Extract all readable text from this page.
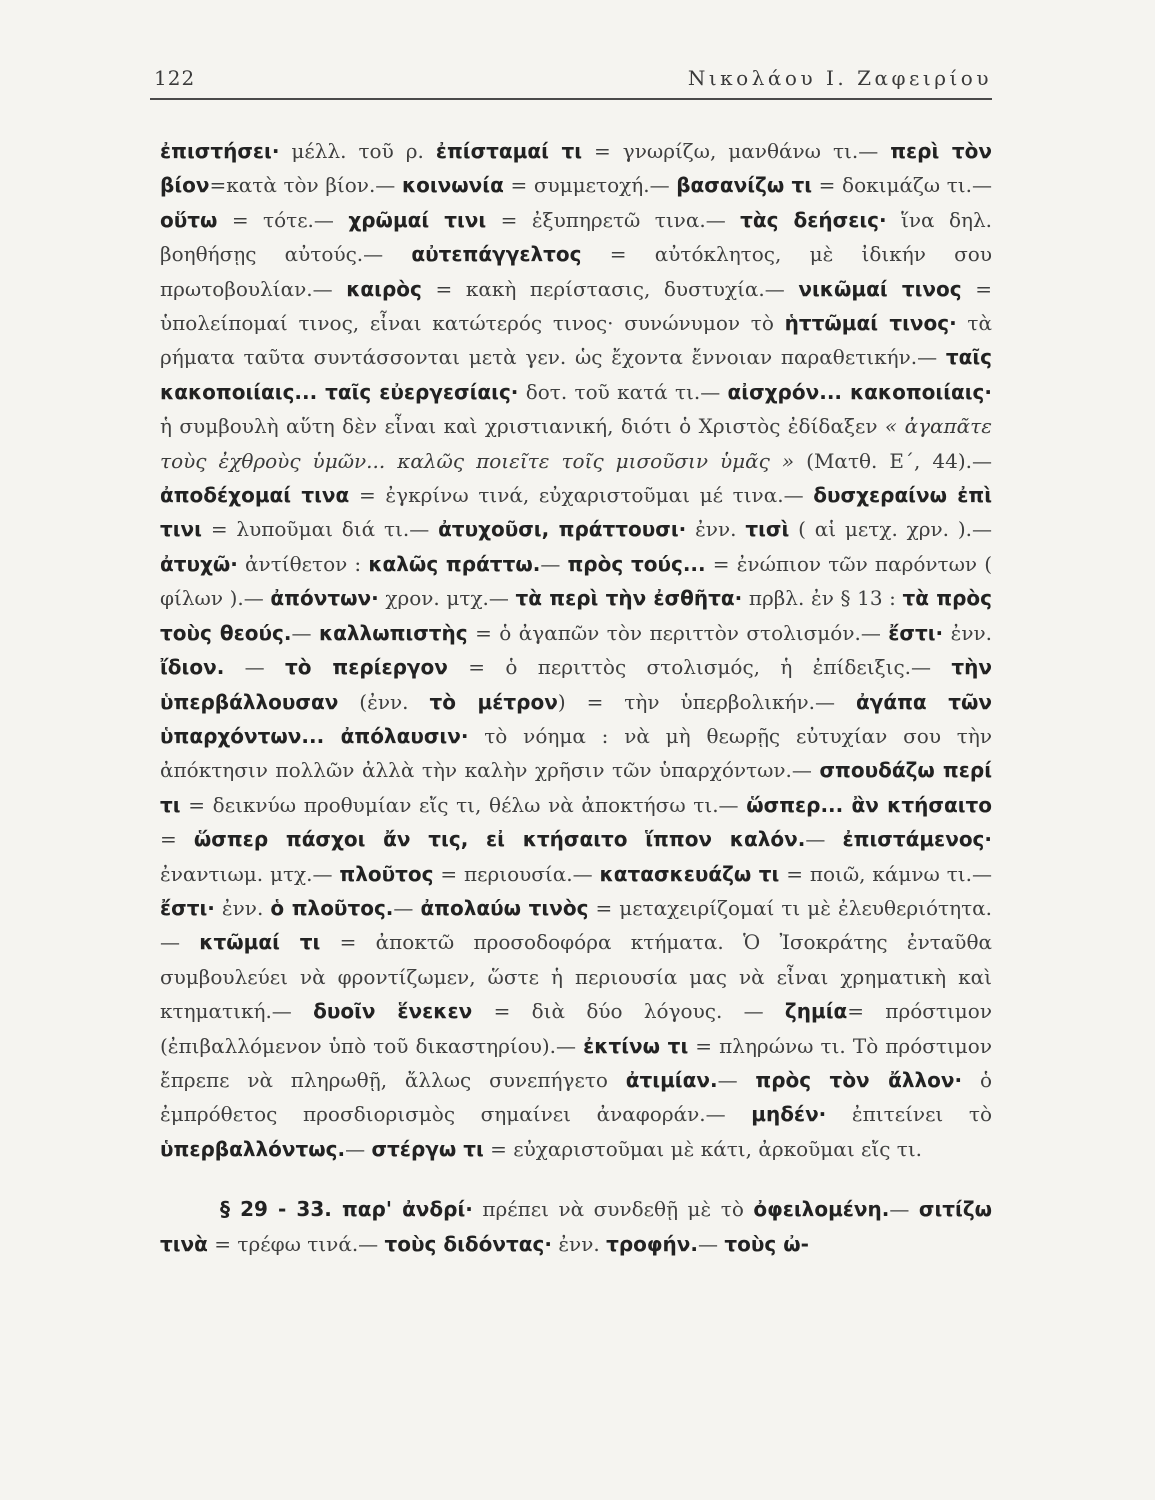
122	Νικολάου Ι. Ζαφειρίου

ἐπιστήσει· μέλλ. τοῦ ρ. ἐπίσταμαί τι = γνωρίζω, μανθάνω τι.— περὶ τὸν βίον=κατὰ τὸν βίον.— κοινωνία = συμμετοχή.— βασανίζω τι = δοκιμάζω τι.— οὕτω = τότε.— χρῶμαί τινι = ἐξυπηρετῶ τινα.— τὰς δεήσεις· ἵνα δηλ. βοηθήσῃς αὐτούς.— αὐτεπάγγελτος = αὐτόκλητος, μὲ ἰδικήν σου πρωτοβουλίαν.— καιρὸς = κακὴ περίστασις, δυστυχία.— νικῶμαί τινος = ὑπολείπομαί τινος, εἶναι κατώτερός τινος· συνώνυμον τὸ ἡττῶμαί τινος· τὰ ρήματα ταῦτα συντάσσονται μετὰ γεν. ὡς ἔχοντα ἔννοιαν παραθετικήν.— ταῖς κακοποιίαις... ταῖς εὐεργεσίαις· δοτ. τοῦ κατά τι.— αἰσχρόν... κακοποιίαις· ἡ συμβουλὴ αὕτη δὲν εἶναι καὶ χριστιανική, διότι ὁ Χριστὸς ἐδίδαξεν « ἀγαπᾶτε τοὺς ἐχθροὺς ὑμῶν... καλῶς ποιεῖτε τοῖς μισοῦσιν ὑμᾶς » (Ματθ. Ε΄, 44).— ἀποδέχομαί τινα = ἐγκρίνω τινά, εὐχαριστοῦμαι μέ τινα.— δυσχεραίνω ἐπὶ τινι = λυποῦμαι διά τι.— ἀτυχοῦσι, πράττουσι· ἐνν. τισὶ ( αἱ μετχ. χρν. ).— ἀτυχῶ· ἀντίθετον : καλῶς πράττω.— πρὸς τούς... = ἐνώπιον τῶν παρόντων ( φίλων ).— ἀπόντων· χρον. μτχ.— τὰ περὶ τὴν ἐσθῆτα· πρβλ. ἐν § 13 : τὰ πρὸς τοὺς θεούς.— καλλωπιστὴς = ὁ ἀγαπῶν τὸν περιττὸν στολισμόν.— ἔστι· ἐνν. ἴδιον. — τὸ περίεργον = ὁ περιττὸς στολισμός, ἡ ἐπίδειξις.— τὴν ὑπερβάλλουσαν (ἐνν. τὸ μέτρον) = τὴν ὑπερβολικήν.— ἀγάπα τῶν ὑπαρχόντων... ἀπόλαυσιν· τὸ νόημα : νὰ μὴ θεωρῇς εὐτυχίαν σου τὴν ἀπόκτησιν πολλῶν ἀλλὰ τὴν καλὴν χρῆσιν τῶν ὑπαρχόντων.— σπουδάζω περί τι = δεικνύω προθυμίαν εἴς τι, θέλω νὰ ἀποκτήσω τι.— ὥσπερ... ἂν κτήσαιτο = ὥσπερ πάσχοι ἄν τις, εἰ κτήσαιτο ἵππον καλόν.— ἐπιστάμενος· ἐναντιωμ. μτχ.— πλοῦτος = περιουσία.— κατασκευάζω τι = ποιῶ, κάμνω τι.— ἔστι· ἐνν. ὁ πλοῦτος.— ἀπολαύω τινὸς = μεταχειρίζομαί τι μὲ ἐλευθεριότητα.— κτῶμαί τι = ἀποκτῶ προσοδοφόρα κτήματα. Ὁ Ἰσοκράτης ἐνταῦθα συμβουλεύει νὰ φροντίζωμεν, ὥστε ἡ περιουσία μας νὰ εἶναι χρηματικὴ καὶ κτηματική.— δυοῖν ἕνεκεν = διὰ δύο λόγους. — ζημία= πρόστιμον (ἐπιβαλλόμενον ὑπὸ τοῦ δικαστηρίου).— ἐκτίνω τι = πληρώνω τι. Τὸ πρόστιμον ἔπρεπε νὰ πληρωθῇ, ἄλλως συνεπήγετο ἀτιμίαν.— πρὸς τὸν ἄλλον· ὁ ἐμπρόθετος προσδιορισμὸς σημαίνει ἀναφοράν.— μηδέν· ἐπιτείνει τὸ ὑπερβαλλόντως.— στέργω τι = εὐχαριστοῦμαι μὲ κάτι, ἀρκοῦμαι εἴς τι.

§ 29 - 33. παρ' ἀνδρί· πρέπει νὰ συνδεθῇ μὲ τὸ ὀφειλομένη.— σιτίζω τινὰ = τρέφω τινά.— τοὺς διδόντας· ἐνν. τροφήν.— τοὺς ὠ-
